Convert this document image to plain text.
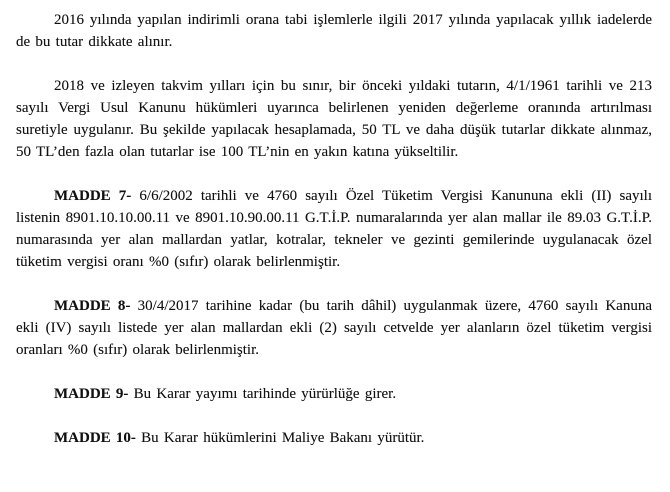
2016 yılında yapılan indirimli orana tabi işlemlerle ilgili 2017 yılında yapılacak yıllık iadelerde de bu tutar dikkate alınır.

2018 ve izleyen takvim yılları için bu sınır, bir önceki yıldaki tutarın, 4/1/1961 tarihli ve 213 sayılı Vergi Usul Kanunu hükümleri uyarınca belirlenen yeniden değerleme oranında artırılması suretiyle uygulanır. Bu şekilde yapılacak hesaplamada, 50 TL ve daha düşük tutarlar dikkate alınmaz, 50 TL’den fazla olan tutarlar ise 100 TL’nin en yakın katına yükseltilir.

MADDE 7- 6/6/2002 tarihli ve 4760 sayılı Özel Tüketim Vergisi Kanununa ekli (II) sayılı listenin 8901.10.10.00.11 ve 8901.10.90.00.11 G.T.İ.P. numaralarında yer alan mallar ile 89.03 G.T.İ.P. numarasında yer alan mallardan yatlar, kotralar, tekneler ve gezinti gemilerinde uygulanacak özel tüketim vergisi oranı %0 (sıfır) olarak belirlenmiştir.

MADDE 8- 30/4/2017 tarihine kadar (bu tarih dâhil) uygulanmak üzere, 4760 sayılı Kanuna ekli (IV) sayılı listede yer alan mallardan ekli (2) sayılı cetvelde yer alanların özel tüketim vergisi oranları %0 (sıfır) olarak belirlenmiştir.

MADDE 9- Bu Karar yayımı tarihinde yürürlüğe girer.

MADDE 10- Bu Karar hükümlerini Maliye Bakanı yürütür.
